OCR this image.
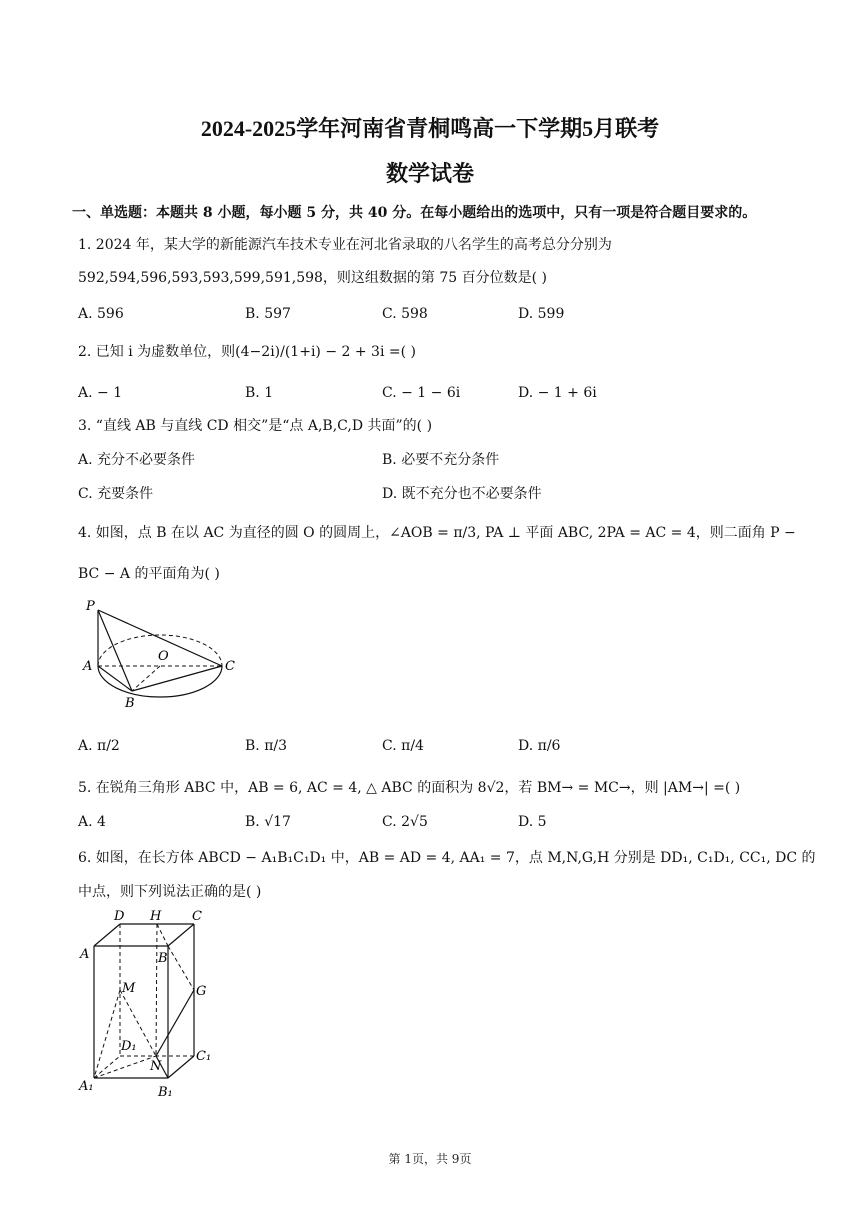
2024-2025学年河南省青桐鸣高一下学期5月联考
数学试卷
一、单选题：本题共 8 小题，每小题 5 分，共 40 分。在每小题给出的选项中，只有一项是符合题目要求的。
1. 2024 年，某大学的新能源汽车技术专业在河北省录取的八名学生的高考总分分别为
592,594,596,593,593,599,591,598，则这组数据的第 75 百分位数是( )
A. 596	B. 597	C. 598	D. 599
2. 已知 i 为虚数单位，则(4−2i)/(1+i) − 2 + 3i =( )
A. − 1	B. 1	C. − 1 − 6i	D. − 1 + 6i
3. “直线 AB 与直线 CD 相交”是“点 A,B,C,D 共面”的( )
A. 充分不必要条件	B. 必要不充分条件
C. 充要条件	D. 既不充分也不必要条件
4. 如图，点 B 在以 AC 为直径的圆 O 的圆周上，∠AOB = π/3, PA ⊥ 平面 ABC, 2PA = AC = 4，则二面角 P −
BC − A 的平面角为( )
P
A
O
C
B
A. π/2	B. π/3	C. π/4	D. π/6
5. 在锐角三角形 ABC 中，AB = 6, AC = 4, △ ABC 的面积为 8√2，若 BM→ = MC→，则 |AM→| =( )
A. 4	B. √17	C. 2√5	D. 5
6. 如图，在长方体 ABCD − A₁B₁C₁D₁ 中，AB = AD = 4, AA₁ = 7，点 M,N,G,H 分别是 DD₁, C₁D₁, CC₁, DC 的
中点，则下列说法正确的是( )
D H C
A	B
M	G
D₁
C₁
N
A₁	B₁
第 1页，共 9页
